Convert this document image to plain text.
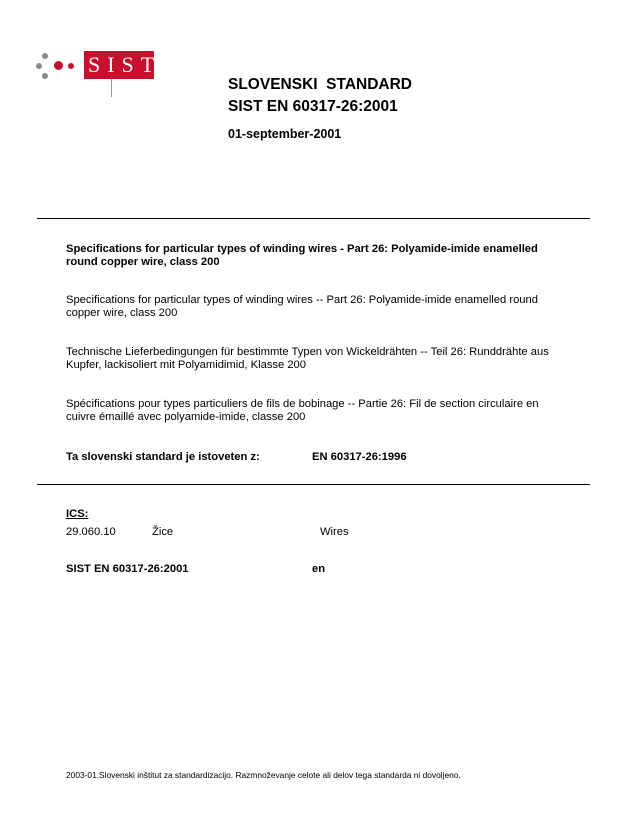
SIST
SLOVENSKI  STANDARD
SIST EN 60317-26:2001
01-september-2001
Specifications for particular types of winding wires - Part 26: Polyamide-imide enamelled round copper wire, class 200
Specifications for particular types of winding wires -- Part 26: Polyamide-imide enamelled round copper wire, class 200
Technische Lieferbedingungen für bestimmte Typen von Wickeldrähten -- Teil 26: Runddrähte aus Kupfer, lackisoliert mit Polyamidimid, Klasse 200
Spécifications pour types particuliers de fils de bobinage -- Partie 26: Fil de section circulaire en cuivre émaillé avec polyamide-imide, classe 200
Ta slovenski standard je istoveten z:	EN 60317-26:1996
ICS:
29.060.10	Žice	Wires
SIST EN 60317-26:2001	en
2003-01.Slovenski inštitut za standardizacijo. Razmnoževanje celote ali delov tega standarda ni dovoljeno.
